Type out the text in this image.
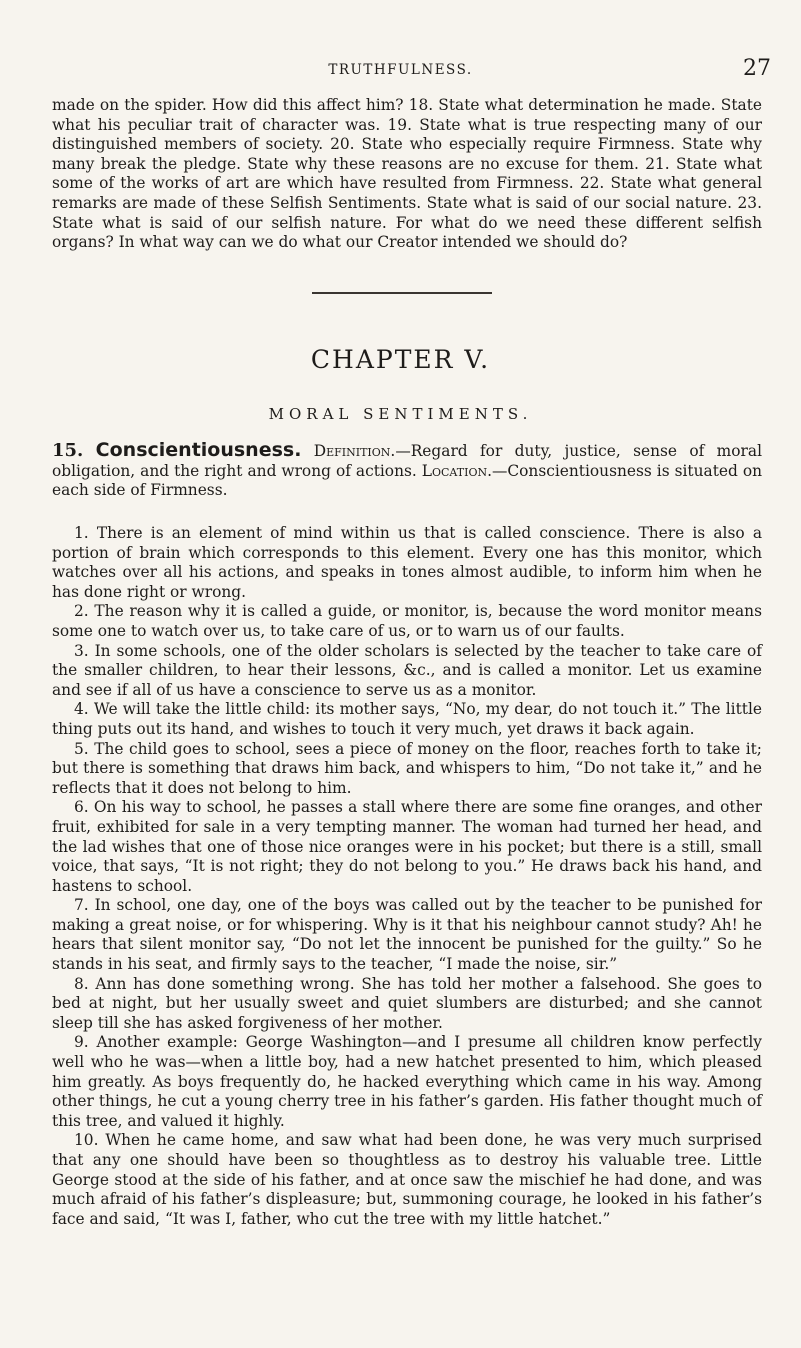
TRUTHFULNESS.	27
made on the spider. How did this affect him? 18. State what determination he made. State what his peculiar trait of character was. 19. State what is true respecting many of our distinguished members of society. 20. State who especially require Firmness. State why many break the pledge. State why these reasons are no excuse for them. 21. State what some of the works of art are which have resulted from Firmness. 22. State what general remarks are made of these Selfish Sentiments. State what is said of our social nature. 23. State what is said of our selfish nature. For what do we need these different selfish organs? In what way can we do what our Creator intended we should do?
CHAPTER V.
MORAL SENTIMENTS.
15. Conscientiousness. Definition.—Regard for duty, justice, sense of moral obligation, and the right and wrong of actions. Location.—Conscientiousness is situated on each side of Firmness.

1. There is an element of mind within us that is called conscience. There is also a portion of brain which corresponds to this element. Every one has this monitor, which watches over all his actions, and speaks in tones almost audible, to inform him when he has done right or wrong.

2. The reason why it is called a guide, or monitor, is, because the word monitor means some one to watch over us, to take care of us, or to warn us of our faults.

3. In some schools, one of the older scholars is selected by the teacher to take care of the smaller children, to hear their lessons, &c., and is called a monitor. Let us examine and see if all of us have a conscience to serve us as a monitor.

4. We will take the little child: its mother says, “No, my dear, do not touch it.” The little thing puts out its hand, and wishes to touch it very much, yet draws it back again.

5. The child goes to school, sees a piece of money on the floor, reaches forth to take it; but there is something that draws him back, and whispers to him, “Do not take it,” and he reflects that it does not belong to him.

6. On his way to school, he passes a stall where there are some fine oranges, and other fruit, exhibited for sale in a very tempting manner. The woman had turned her head, and the lad wishes that one of those nice oranges were in his pocket; but there is a still, small voice, that says, “It is not right; they do not belong to you.” He draws back his hand, and hastens to school.

7. In school, one day, one of the boys was called out by the teacher to be punished for making a great noise, or for whispering. Why is it that his neighbour cannot study? Ah! he hears that silent monitor say, “Do not let the innocent be punished for the guilty.” So he stands in his seat, and firmly says to the teacher, “I made the noise, sir.”

8. Ann has done something wrong. She has told her mother a falsehood. She goes to bed at night, but her usually sweet and quiet slumbers are disturbed; and she cannot sleep till she has asked forgiveness of her mother.

9. Another example: George Washington—and I presume all children know perfectly well who he was—when a little boy, had a new hatchet presented to him, which pleased him greatly. As boys frequently do, he hacked everything which came in his way. Among other things, he cut a young cherry tree in his father’s garden. His father thought much of this tree, and valued it highly.

10. When he came home, and saw what had been done, he was very much surprised that any one should have been so thoughtless as to destroy his valuable tree. Little George stood at the side of his father, and at once saw the mischief he had done, and was much afraid of his father’s displeasure; but, summoning courage, he looked in his father’s face and said, “It was I, father, who cut the tree with my little hatchet.”
